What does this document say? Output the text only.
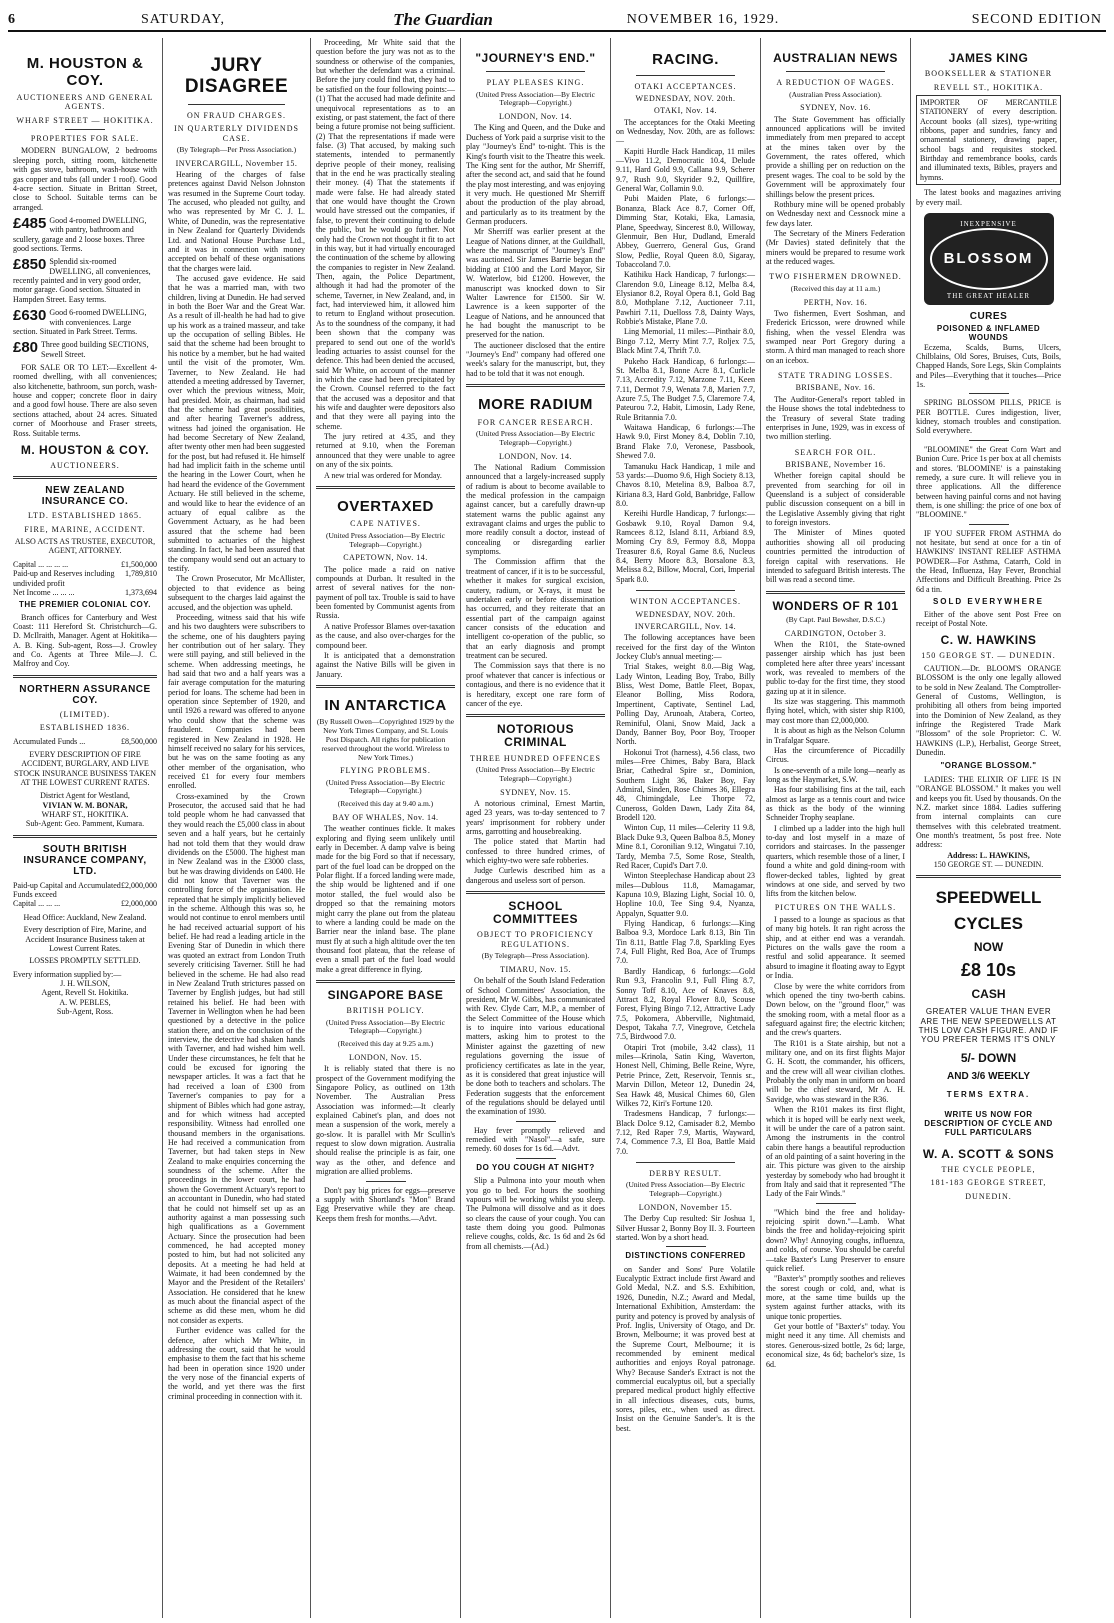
6	SATURDAY,	The Guardian	NOVEMBER 16, 1929.	SECOND EDITION
M. HOUSTON & COY.
AUCTIONEERS AND GENERAL AGENTS.
WHARF STREET — HOKITIKA.
PROPERTIES FOR SALE.

MODERN BUNGALOW, 2 bedrooms sleeping porch, sitting room, kitchenette with gas stove, bathroom, wash-house with gas copper and tubs (all under 1 roof). Good 4-acre section. Situate in Brittan Street, close to School. Suitable terms can be arranged.

£485 Good 4-roomed DWELLING, with pantry, bathroom and scullery, garage and 2 loose boxes. Three good sections. Terms.
£850 Splendid six-roomed DWELLING, all conveniences, recently painted and in very good order, motor garage. Good section. Situated in Hampden Street. Easy terms.
£630 Good 6-roomed DWELLING, with conveniences. Large section. Situated in Park Street. Terms.
£80 Three good building SECTIONS, Sewell Street.

FOR SALE OR TO LET:—Excellent 4-roomed dwelling, with all conveniences; also kitchenette, bathroom, sun porch, wash-house and copper; concrete floor in dairy and a good fowl house. There are also seven sections attached, about 24 acres. Situated corner of Moorhouse and Fraser streets, Ross. Suitable terms.

M. HOUSTON & COY.
AUCTIONEERS.
NEW ZEALAND INSURANCE CO.
LTD. ESTABLISHED 1865.
FIRE, MARINE, ACCIDENT.
ALSO ACTS AS TRUSTEE, EXECUTOR, AGENT, ATTORNEY.
Capital ... ... ... ...	£1,500,000
Paid-up and Reserves including undivided profit
1,789,810
Net Income ... ... ...	1,373,694
THE PREMIER COLONIAL COY.

Branch offices for Canterbury and West Coast: 111 Hereford St. Christchurch—G. D. McIlraith, Manager. Agent at Hokitika—A. B. King. Sub-agent, Ross—J. Crowley and Co. Agents at Three Mile—J. C. Malfroy and Coy.

NORTHERN ASSURANCE COY.
(LIMITED).
ESTABLISHED 1836.
Accumulated Funds ...	£8,500,000
EVERY DESCRIPTION OF FIRE ACCIDENT, BURGLARY, AND LIVE STOCK INSURANCE BUSINESS TAKEN AT THE LOWEST CURRENT RATES.
District Agent for Westland,
VIVIAN W. M. BONAR,
WHARF ST., HOKITIKA.
Sub-Agent: Geo. Pamment, Kumara.
SOUTH BRITISH INSURANCE COMPANY, LTD.
Paid-up Capital and Accumulated Funds exceed
£2,000,000
Capital ... ... ...	£2,000,000
Head Office: Auckland, New Zealand.
Every description of Fire, Marine, and Accident Insurance Business taken at Lowest Current Rates.
LOSSES PROMPTLY SETTLED.
Every information supplied by:—
J. H. WILSON,
Agent, Revell St. Hokitika.
A. W. PEBLES,
Sub-Agent, Ross.
JURY DISAGREE
ON FRAUD CHARGES.
IN QUARTERLY DIVIDENDS CASE.
(By Telegraph—Per Press Association.)
INVERCARGILL, November 15.

Hearing of the charges of false pretences against David Nelson Johnston was resumed in the Supreme Court today. The accused, who pleaded not guilty, and who was represented by Mr C. J. L. White, of Dunedin, was the representative in New Zealand for Quarterly Dividends Ltd. and National House Purchase Ltd., and it was in connection with money accepted on behalf of these organisations that the charges were laid.

The accused gave evidence. He said that he was a married man, with two children, living at Dunedin. He had served in both the Boer War and the Great War. As a result of ill-health he had had to give up his work as a trained masseur, and take up the occupation of selling Bibles. He said that the scheme had been brought to his notice by a member, but he had waited until the visit of the promoter, Wm. Taverner, to New Zealand. He had attended a meeting addressed by Taverner, over which the previous witness, Moir, had presided. Moir, as chairman, had said that the scheme had great possibilities, and after hearing Taverner's address, witness had joined the organisation. He had become Secretary of New Zealand, after twenty other men had been suggested for the post, but had refused it. He himself had had implicit faith in the scheme until the hearing in the Lower Court, when he had heard the evidence of the Government Actuary. He still believed in the scheme, and would like to hear the evidence of an actuary of equal calibre as the Government Actuary, as he had been assured that the scheme had been submitted to actuaries of the highest standing. In fact, he had been assured that the company would send out an actuary to testify.

The Crown Prosecutor, Mr McAllister, objected to that evidence as being subsequent to the charges laid against the accused, and the objection was upheld.

Proceeding, witness said that his wife and his two daughters were subscribers to the scheme, one of his daughters paying her contribution out of her salary. They were still paying, and still believed in the scheme. When addressing meetings, he had said that two and a half years was a fair average computation for the maturing period for loans. The scheme had been in operation since September of 1920, and until 1926 a reward was offered to anyone who could show that the scheme was fraudulent. Companies had been registered in New Zealand in 1928. He himself received no salary for his services, but he was on the same footing as any other member of the organisation, who received £1 for every four members enrolled.

Cross-examined by the Crown Prosecutor, the accused said that he had told people whom he had canvassed that they would reach the £5,000 class in about seven and a half years, but he certainly had not told them that they would draw dividends on the £5000. The highest man in New Zealand was in the £3000 class, but he was drawing dividends on £400. He did not know that Taverner was the controlling force of the organisation. He repeated that he simply implicitly believed in the scheme. Although this was so, he would not continue to enrol members until he had received actuarial support of his belief. He had read a leading article in the Evening Star of Dunedin in which there was quoted an extract from London Truth severely criticising Taverner. Still he had believed in the scheme. He had also read in New Zealand Truth strictures passed on Taverner by English judges, but had still retained his belief. He had been with Taverner in Wellington when he had been questioned by a detective in the police station there, and on the conclusion of the interview, the detective had shaken hands with Taverner, and had wished him well. Under these circumstances, he felt that he could be excused for ignoring the newspaper articles. It was a fact that he had received a loan of £300 from Taverner's companies to pay for a shipment of Bibles which had gone astray, and for which witness had accepted responsibility. Witness had enrolled one thousand members in the organisations. He had received a communication from Taverner, but had taken steps in New Zealand to make enquiries concerning the soundness of the scheme. After the proceedings in the lower court, he had shown the Government Actuary's report to an accountant in Dunedin, who had stated that he could not himself set up as an authority against a man possessing such high qualifications as a Government Actuary. Since the prosecution had been commenced, he had accepted money posted to him, but had not solicited any deposits. At a meeting he had held at Waimate, it had been condemned by the Mayor and the President of the Retailers' Association. He considered that he knew as much about the financial aspect of the scheme as did these men, whom he did not consider as experts.

Further evidence was called for the defence, after which Mr White, in addressing the court, said that he would emphasise to them the fact that his scheme had been in operation since 1920 under the very nose of the financial experts of the world, and yet there was the first criminal proceeding in connection with it.

Proceeding, Mr White said that the question before the jury was not as to the soundness or otherwise of the companies, but whether the defendant was a criminal. Before the jury could find that, they had to be satisfied on the four following points:—(1) That the accused had made definite and unequivocal representations as to an existing, or past statement, the fact of there being a future promise not being sufficient. (2) That the representations if made were false. (3) That accused, by making such statements, intended to permanently deprive people of their money, realising that in the end he was practically stealing their money. (4) That the statements if made were false. He had already stated that one would have thought the Crown would have stressed out the companies, if false, to prevent their continuing to delude the public, but he would go further. Not only had the Crown not thought it fit to act in this way, but it had virtually encouraged the continuation of the scheme by allowing the companies to register in New Zealand. Then, again, the Police Department, although it had had the promoter of the scheme, Taverner, in New Zealand, and, in fact, had interviewed him, it allowed him to return to England without prosecution. As to the soundness of the company, it had been shown that the company was prepared to send out one of the world's leading actuaries to assist counsel for the defence. This had been denied the accused, said Mr White, on account of the manner in which the case had been precipitated by the Crown. Counsel referred to the fact that the accused was a depositor and that his wife and daughter were depositors also and that they were all paying into the scheme.

The jury retired at 4.35, and they returned at 9.10, when the Foreman announced that they were unable to agree on any of the six points.

A new trial was ordered for Monday.

OVERTAXED
CAPE NATIVES.
(United Press Association—By Electric Telegraph—Copyright.)
CAPETOWN, Nov. 14.

The police made a raid on native compounds at Durban. It resulted in the arrest of several natives for the non-payment of poll tax. Trouble is said to have been fomented by Communist agents from Russia.

A native Professor Blames over-taxation as the cause, and also over-charges for the compound beer.

It is anticipated that a demonstration against the Native Bills will be given in January.

IN ANTARCTICA
(By Russell Owen—Copyrighted 1929 by the New York Times Company, and St. Louis Post Dispatch. All rights for publication reserved throughout the world. Wireless to New York Times.)
FLYING PROBLEMS.
(United Press Association—By Electric Telegraph—Copyright.)
(Received this day at 9.40 a.m.)
BAY OF WHALES, Nov. 14.

The weather continues fickle. It makes exploring and flying seem unlikely until early in December. A damp valve is being made for the big Ford so that if necessary, part of the fuel load can be dropped on the Polar flight. If a forced landing were made, the ship would be lightened and if one motor stalled, the fuel would also be dropped so that the remaining motors might carry the plane out from the plateau to where a landing could be made on the Barrier near the inland base. The plane must fly at such a high altitude over the ten thousand foot plateau, that the release of even a small part of the fuel load would make a great difference in flying.

SINGAPORE BASE
BRITISH POLICY.
(United Press Association—By Electric Telegraph—Copyright.)
(Received this day at 9.25 a.m.)
LONDON, Nov. 15.

It is reliably stated that there is no prospect of the Government modifying the Singapore Policy, as outlined on 13th November. The Australian Press Association was informed:—It clearly explained Cabinet's plan, and does not mean a suspension of the work, merely a go-slow. It is parallel with Mr Scullin's request to slow down migration. Australia should realise the principle is as fair, one way as the other, and defence and migration are allied problems.

Don't pay big prices for eggs—preserve a supply with Shortland's "Mon" Brand Egg Preservative while they are cheap. Keeps them fresh for months.—Advt.

"JOURNEY'S END."
PLAY PLEASES KING.
(United Press Association—By Electric Telegraph—Copyright.)
LONDON, Nov. 14.

The King and Queen, and the Duke and Duchess of York paid a surprise visit to the play "Journey's End" to-night. This is the King's fourth visit to the Theatre this week. The King sent for the author, Mr Sherriff, after the second act, and said that he found the play most interesting, and was enjoying it very much. He questioned Mr Sherriff about the production of the play abroad, and particularly as to its treatment by the German producers.

Mr Sherriff was earlier present at the League of Nations dinner, at the Guildhall, where the manuscript of "Journey's End" was auctioned. Sir James Barrie began the bidding at £100 and the Lord Mayor, Sir W. Waterlow, bid £1200. However, the manuscript was knocked down to Sir Walter Lawrence for £1500. Sir W. Lawrence is a keen supporter of the League of Nations, and he announced that he had bought the manuscript to be preserved for the nation.

The auctioneer disclosed that the entire "Journey's End" company had offered one week's salary for the manuscript, but, they had to be told that it was not enough.

MORE RADIUM
FOR CANCER RESEARCH.
(United Press Association—By Electric Telegraph—Copyright.)
LONDON, Nov. 14.

The National Radium Commission announced that a largely-increased supply of radium is about to become available to the medical profession in the campaign against cancer, but a carefully drawn-up statement warns the public against any extravagant claims and urges the public to more readily consult a doctor, instead of concealing or disregarding earlier symptoms.

The Commission affirm that the treatment of cancer, if it is to be successful, whether it makes for surgical excision, cautery, radium, or X-rays, it must be undertaken early or before dissemination has occurred, and they reiterate that an essential part of the campaign against cancer consists of the education and intelligent co-operation of the public, so that an early diagnosis and prompt treatment can be secured.

The Commission says that there is no proof whatever that cancer is infectious or contagious, and there is no evidence that it is hereditary, except one rare form of cancer of the eye.

NOTORIOUS CRIMINAL
THREE HUNDRED OFFENCES
(United Press Association—By Electric Telegraph—Copyright.)
SYDNEY, Nov. 15.

A notorious criminal, Ernest Martin, aged 23 years, was to-day sentenced to 7 years' imprisonment for robbery under arms, garrotting and housebreaking.

The police stated that Martin had confessed to three hundred crimes, of which eighty-two were safe robberies.

Judge Curlewis described him as a dangerous and useless sort of person.

SCHOOL COMMITTEES
OBJECT TO PROFICIENCY REGULATIONS.
(By Telegraph—Press Association).
TIMARU, Nov. 15.

On behalf of the South Island Federation of School Committees' Association, the president, Mr W. Gibbs, has communicated with Rev. Clyde Carr, M.P., a member of the Select Committee of the House which is to inquire into various educational matters, asking him to protest to the Minister against the gazetting of new regulations governing the issue of proficiency certificates as late in the year, as it is considered that great injustice will be done both to teachers and scholars. The Federation suggests that the enforcement of the regulations should be delayed until the examination of 1930.

Hay fever promptly relieved and remedied with "Nasol"—a safe, sure remedy. 60 doses for 1s 6d.—Advt.

DO YOU COUGH AT NIGHT?

Slip a Pulmona into your mouth when you go to bed. For hours the soothing vapours will be working whilst you sleep. The Pulmona will dissolve and as it does so clears the cause of your cough. You can taste them doing you good. Pulmonas relieve coughs, colds, &c. 1s 6d and 2s 6d from all chemists.—(Ad.)

RACING.
OTAKI ACCEPTANCES.
WEDNESDAY, NOV. 20th.
OTAKI, Nov. 14.

The acceptances for the Otaki Meeting on Wednesday, Nov. 20th, are as follows:—

Kapiti Hurdle Hack Handicap, 11 miles—Vivo 11.2, Democratic 10.4, Delude 9.11, Hard Gold 9.9, Callana 9.9, Scherer 9.7, Rush 9.0, Skyrider 9.2, Quillfire, General War, Collamin 9.0.

Pubi Maiden Plate, 6 furlongs:—Bonanza, Black Ace 8.7, Corner Off, Dimming Star, Kotaki, Eka, Lamasia, Plane, Speedway, Sincerest 8.0, Willoway, Glenmuir, Ben Hur, Dudland, Emerald Abbey, Guerrero, General Gus, Grand Slow, Pedlie, Royal Queen 8.0, Sigaray, Tobaccoland 7.0.

Katihiku Hack Handicap, 7 furlongs:—Clarendon 9.0, Lineage 8.12, Melba 8.4, Elysianor 8.2, Royal Opera 8.1, Gold Bag 8.0, Mothplane 7.12, Auctioneer 7.11, Pawhiri 7.11, Duelloss 7.8, Dainty Ways, Robbie's Mistake, Plane 7.0.

Ling Memorial, 11 miles:—Pinthair 8.0, Bingo 7.12, Merry Mint 7.7, Roljex 7.5, Black Mint 7.4, Thrift 7.0.

Pukeho Hack Handicap, 6 furlongs:—St. Melba 8.1, Bonne Acre 8.1, Curlicle 7.13, Accredity 7.12, Marzone 7.11, Keen 7.11, Dermot 7.9, Wenata 7.8, Marien 7.7, Azure 7.5, The Budget 7.5, Claremore 7.4, Pateurou 7.2, Habit, Limosin, Lady Rene, Rule Britannia 7.0.

Waitawa Handicap, 6 furlongs:—The Hawk 9.0, First Money 8.4, Doblin 7.10, Brand Flake 7.0, Veronese, Passbook, Shewed 7.0.

Tamanuku Hack Handicap, 1 mile and 53 yards:—Duomo 9.6, High Society 8.13, Chavos 8.10, Metelina 8.9, Balboa 8.7, Kiriana 8.3, Hard Gold, Banbridge, Fallow 8.0.

Kereihi Hurdle Handicap, 7 furlongs:—Gosbawk 9.10, Royal Damon 9.4, Ramcees 8.12, Island 8.11, Arbiand 8.9, Morning Cry 8.9, Fermoy 8.8, Moppa Treasurer 8.6, Royal Game 8.6, Nucleus 8.4, Berry Moore 8.3, Borsalone 8.3, Melissa 8.2, Billow, Mocral, Cori, Imperial Spark 8.0.

WINTON ACCEPTANCES.
WEDNESDAY, NOV. 20th.
INVERCARGILL, Nov. 14.

The following acceptances have been received for the first day of the Winton Jockey Club's annual meeting:—

Trial Stakes, weight 8.0.—Big Wag, Lady Winton, Leading Boy, Trabo, Billy Bliss, West Dome, Battle Fleet, Bopax, Eleanor Bolling, Miss Rodora, Impertinent, Captivate, Sentinel Lad, Polling Day, Arunoah, Atabera, Corteo, Reminiful, Olani, Snow Maid, Jack a Dandy, Banner Boy, Poor Boy, Trooper North.

Hokonui Trot (harness), 4.56 class, two miles—Free Chimes, Baby Bara, Black Briar, Cathedral Spire sr., Dominion, Southern Light 36, Baker Boy, Fay Admiral, Sinden, Rose Chimes 36, Ellegra 48, Chimingdale, Lee Thorpe 72, Cuneross, Golden Dawn, Lady Zita 84, Brodell 120.

Winton Cup, 11 miles—Celerity 11 9.8, Black Duke 9.3, Queen Balboa 8.5, Money Mine 8.1, Coronilian 9.12, Wingatui 7.10, Tardy, Memba 7.5, Some Rose, Stealth, Red Racer, Cupid's Dart 7.0.

Winton Steeplechase Handicap about 23 miles—Dublous 11.8, Mamagamar, Kapuna 10.9, Blazing Light, Social 10. 0, Hopline 10.0, Tee Sing 9.4, Nyanza, Appalyn, Squatter 9.0.

Flying Handicap, 6 furlongs:—King Balboa 9.3, Mordoce Lark 8.13, Bin Tin Tin 8.11, Battle Flag 7.8, Sparkling Eyes 7.4, Full Flight, Red Boa, Ace of Trumps 7.0.

Bardly Handicap, 6 furlongs:—Gold Run 9.3, Francolin 9.1, Full Fling 8.7, Sonny Toff 8.10, Ace of Knaves 8.8, Attract 8.2, Royal Flower 8.0, Scouse Forest, Flying Bingo 7.12, Attractive Lady 7.5, Pokomera, Abberville, Nightmaid, Despot, Takaha 7.7, Vinegrove, Cetchela 7.5, Birdwood 7.0.

Otapiri Trot (mobile, 3.42 class), 11 miles—Krinola, Satin King, Waverton, Honest Nell, Chiming, Belle Reine, Wyre, Petrie Prince, Zett, Reservoir, Tennis sr., Marvin Dillon, Meteor 12, Dunedin 24, Sea Hawk 48, Musical Chimes 60, Glen Wilkes 72, Kiri's Fortune 120.

Tradesmens Handicap, 7 furlongs:—Black Dolce 9.12, Camisader 8.2, Membo 7.12, Red Raper 7.9, Martis, Wayward, 7.4, Commence 7.3, El Boa, Battle Maid 7.0.

DERBY RESULT.
(United Press Association—By Electric Telegraph—Copyright.)
LONDON, November 15.

The Derby Cup resulted: Sir Joshua 1, Silver Hussar 2, Bonny Boy II. 3. Fourteen started. Won by a short head.

DISTINCTIONS CONFERRED

on Sander and Sons' Pure Volatile Eucalyptic Extract include first Award and Gold Medal, N.Z. and S.S. Exhibition, 1926, Dunedin, N.Z.; Award and Medal, International Exhibition, Amsterdam: the purity and potency is proved by analysis of Prof. Inglis, University of Otago, and Dr. Brown, Melbourne; it was proved best at the Supreme Court, Melbourne; it is recommended by eminent medical authorities and enjoys Royal patronage. Why? Because Sander's Extract is not the commercial eucalyptus oil, but a specially prepared medical product highly effective in all infectious diseases, cuts, burns, sores, piles, etc., when used as direct. Insist on the Genuine Sander's. It is the best.

AUSTRALIAN NEWS
A REDUCTION OF WAGES.
(Australian Press Association).
SYDNEY, Nov. 16.

The State Government has officially announced applications will be invited immediately from men prepared to accept at the mines taken over by the Government, the rates offered, which provide a shilling per on reduction on the present wages. The coal to be sold by the Government will be approximately four shillings below the present prices.

Rothbury mine will be opened probably on Wednesday next and Cessnock mine a few days later.

The Secretary of the Miners Federation (Mr Davies) stated definitely that the miners would be prepared to resume work at the reduced wages.

TWO FISHERMEN DROWNED.
(Received this day at 11 a.m.)
PERTH, Nov. 16.

Two fishermen, Evert Soshman, and Frederick Ericsson, were drowned while fishing, when the vessel Elendra was swamped near Port Gregory during a storm. A third man managed to reach shore on an icebox.

STATE TRADING LOSSES.
BRISBANE, Nov. 16.

The Auditor-General's report tabled in the House shows the total indebtedness to the Treasury of several State trading enterprises in June, 1929, was in excess of two million sterling.

SEARCH FOR OIL.
BRISBANE, November 16.

Whether foreign capital should be prevented from searching for oil in Queensland is a subject of considerable public discussion consequent on a bill in the Legislative Assembly giving that right to foreign investors.

The Minister of Mines quoted authorities showing all oil producing countries permitted the introduction of foreign capital with reservations. He intended to safeguard British interests. The bill was read a second time.

WONDERS OF R 101
(By Capt. Paul Bewsher, D.S.C.)
CARDINGTON, October 3.

When the R101, the State-owned passenger airship which has just been completed here after three years' incessant work, was revealed to members of the public to-day for the first time, they stood gazing up at it in silence.

Its size was staggering. This mammoth flying hotel, which, with sister ship R100, may cost more than £2,000,000.

It is about as high as the Nelson Column in Trafalgar Square.

Has the circumference of Piccadilly Circus.

Is one-seventh of a mile long—nearly as long as the Haymarket, S.W.

Has four stabilising fins at the tail, each almost as large as a tennis court and twice as thick as the body of the winning Schneider Trophy seaplane.

I climbed up a ladder into the high hull to-day and lost myself in a maze of corridors and staircases. In the passenger quarters, which resemble those of a liner, I found a white and gold dining-room with flower-decked tables, lighted by great windows at one side, and served by two lifts from the kitchen below.

PICTURES ON THE WALLS.

I passed to a lounge as spacious as that of many big hotels. It ran right across the ship, and at either end was a verandah. Pictures on the walls gave the room a restful and solid appearance. It seemed absurd to imagine it floating away to Egypt or India.

Close by were the white corridors from which opened the tiny two-berth cabins. Down below, on the "ground floor," was the smoking room, with a metal floor as a safeguard against fire; the electric kitchen; and the crew's quarters.

The R101 is a State airship, but not a military one, and on its first flights Major G. H. Scott, the commander, his officers, and the crew will all wear civilian clothes. Probably the only man in uniform on board will be the chief steward, Mr A. H. Savidge, who was steward in the R36.

When the R101 makes its first flight, which it is hoped will be early next week, it will be under the care of a patron saint. Among the instruments in the control cabin there hangs a beautiful reproduction of an old painting of a saint hovering in the air. This picture was given to the airship yesterday by somebody who had brought it from Italy and said that it represented "The Lady of the Fair Winds."

"Which bind the free and holiday-rejoicing spirit down."—Lamb. What binds the free and holiday-rejoicing spirit down? Why! Annoying coughs, influenza, and colds, of course. You should be careful—take Baxter's Lung Preserver to ensure quick relief.

"Baxter's" promptly soothes and relieves the sorest cough or cold, and, what is more, at the same time builds up the system against further attacks, with its unique tonic properties.

Get your bottle of "Baxter's" today. You might need it any time. All chemists and stores. Generous-sized bottle, 2s 6d; large, economical size, 4s 6d; bachelor's size, 1s 6d.

JAMES KING
BOOKSELLER & STATIONER
REVELL ST., HOKITIKA.

IMPORTER OF MERCANTILE STATIONERY of every description. Account books (all sizes), type-writing ribbons, paper and sundries, fancy and ornamental stationery, drawing paper, school bags and requisites stocked. Birthday and remembrance books, cards and illuminated texts, Bibles, prayers and hymns.

The latest books and magazines arriving by every mail.

INEXPENSIVE
BLOSSOM
THE GREAT HEALER
CURES
POISONED & INFLAMED WOUNDS

Eczema, Scalds, Burns, Ulcers, Chilblains, Old Sores, Bruises, Cuts, Boils, Chapped Hands, Sore Legs, Skin Complaints and Piles—Everything that it touches—Price 1s.

SPRING BLOSSOM PILLS, PRICE is PER BOTTLE. Cures indigestion, liver, kidney, stomach troubles and constipation. Sold everywhere.

"BLOOMINE" the Great Corn Wart and Bunion Cure. Price 1s per box at all chemists and stores. 'BLOOMINE' is a painstaking remedy, a sure cure. It will relieve you in three applications. All the difference between having painful corns and not having them, is one shilling: the price of one box of "BLOOMINE."

IF YOU SUFFER FROM ASTHMA do not hesitate, but send at once for a tin of HAWKINS' INSTANT RELIEF ASTHMA POWDER—For Asthma, Catarrh, Cold in the Head, Influenza, Hay Fever, Bronchial Affections and Difficult Breathing. Price 2s 6d a tin.

SOLD EVERYWHERE

Either of the above sent Post Free on receipt of Postal Note.

C. W. HAWKINS
150 GEORGE ST. — DUNEDIN.

CAUTION.—Dr. BLOOM'S ORANGE BLOSSOM is the only one legally allowed to be sold in New Zealand. The Comptroller-General of Customs, Wellington, is prohibiting all others from being imported into the Dominion of New Zealand, as they infringe the Registered Trade Mark "Blossom" of the sole Proprietor: C. W. HAWKINS (L.P.), Herbalist, George Street, Dunedin.

"ORANGE BLOSSOM."

LADIES: THE ELIXIR OF LIFE IS IN "ORANGE BLOSSOM." It makes you well and keeps you fit. Used by thousands. On the N.Z. market since 1884. Ladies suffering from internal complaints can cure themselves with this celebrated treatment. One month's treatment, 5s post free. Note address:

Address: L. HAWKINS,
150 GEORGE ST. — DUNEDIN.
SPEEDWELL
CYCLES
NOW
£8 10s
CASH
GREATER VALUE THAN EVER ARE THE NEW SPEEDWELLS AT THIS LOW CASH FIGURE. AND IF YOU PREFER TERMS IT'S ONLY
5/- DOWN
AND 3/6 WEEKLY
TERMS EXTRA.
WRITE US NOW FOR DESCRIPTION OF CYCLE AND FULL PARTICULARS
W. A. SCOTT & SONS
THE CYCLE PEOPLE,
181-183 GEORGE STREET,
DUNEDIN.
